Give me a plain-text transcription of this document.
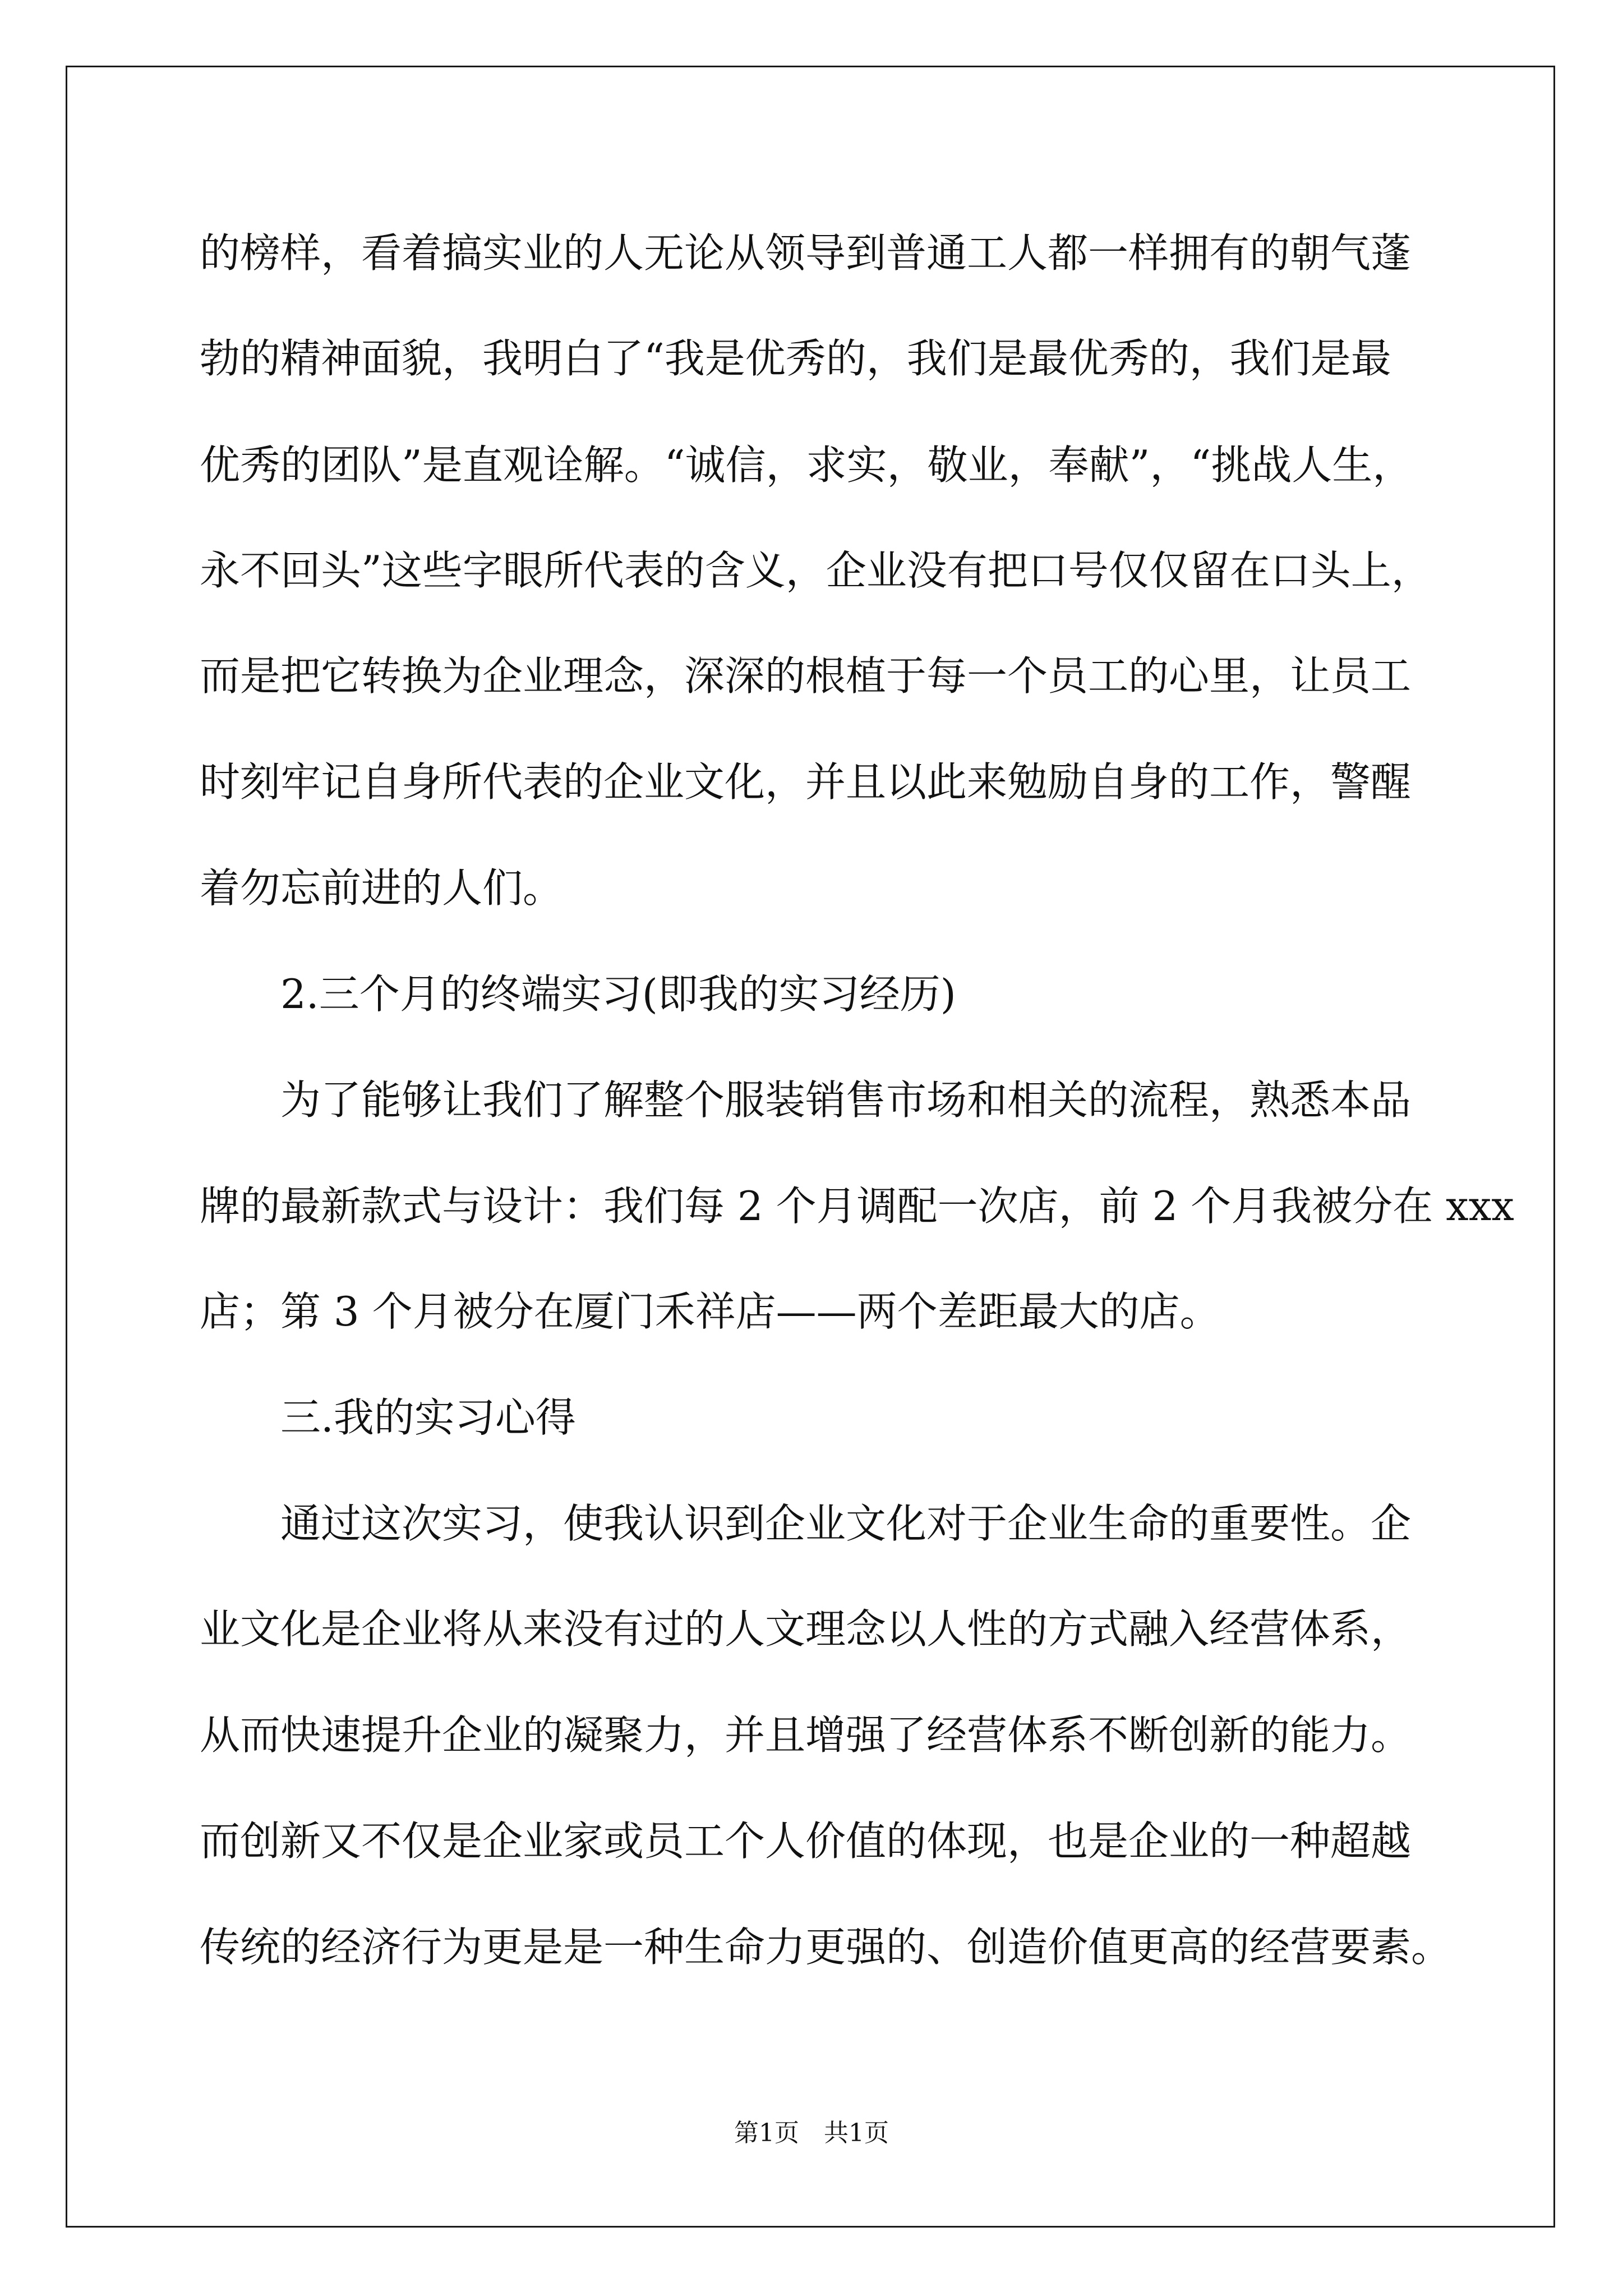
的榜样，看着搞实业的人无论从领导到普通工人都一样拥有的朝气蓬
勃的精神面貌，我明白了“我是优秀的，我们是最优秀的，我们是最
优秀的团队”是直观诠解。“诚信，求实，敬业，奉献”，“挑战人生，
永不回头”这些字眼所代表的含义，企业没有把口号仅仅留在口头上，
而是把它转换为企业理念，深深的根植于每一个员工的心里，让员工
时刻牢记自身所代表的企业文化，并且以此来勉励自身的工作，警醒
着勿忘前进的人们。
　　2.三个月的终端实习(即我的实习经历)
　　为了能够让我们了解整个服装销售市场和相关的流程，熟悉本品
牌的最新款式与设计：我们每 2 个月调配一次店，前 2 个月我被分在 xxx
店；第 3 个月被分在厦门禾祥店——两个差距最大的店。
　　三.我的实习心得
　　通过这次实习，使我认识到企业文化对于企业生命的重要性。企
业文化是企业将从来没有过的人文理念以人性的方式融入经营体系，
从而快速提升企业的凝聚力，并且增强了经营体系不断创新的能力。
而创新又不仅是企业家或员工个人价值的体现，也是企业的一种超越
传统的经济行为更是是一种生命力更强的、创造价值更高的经营要素。
第1页　共1页
